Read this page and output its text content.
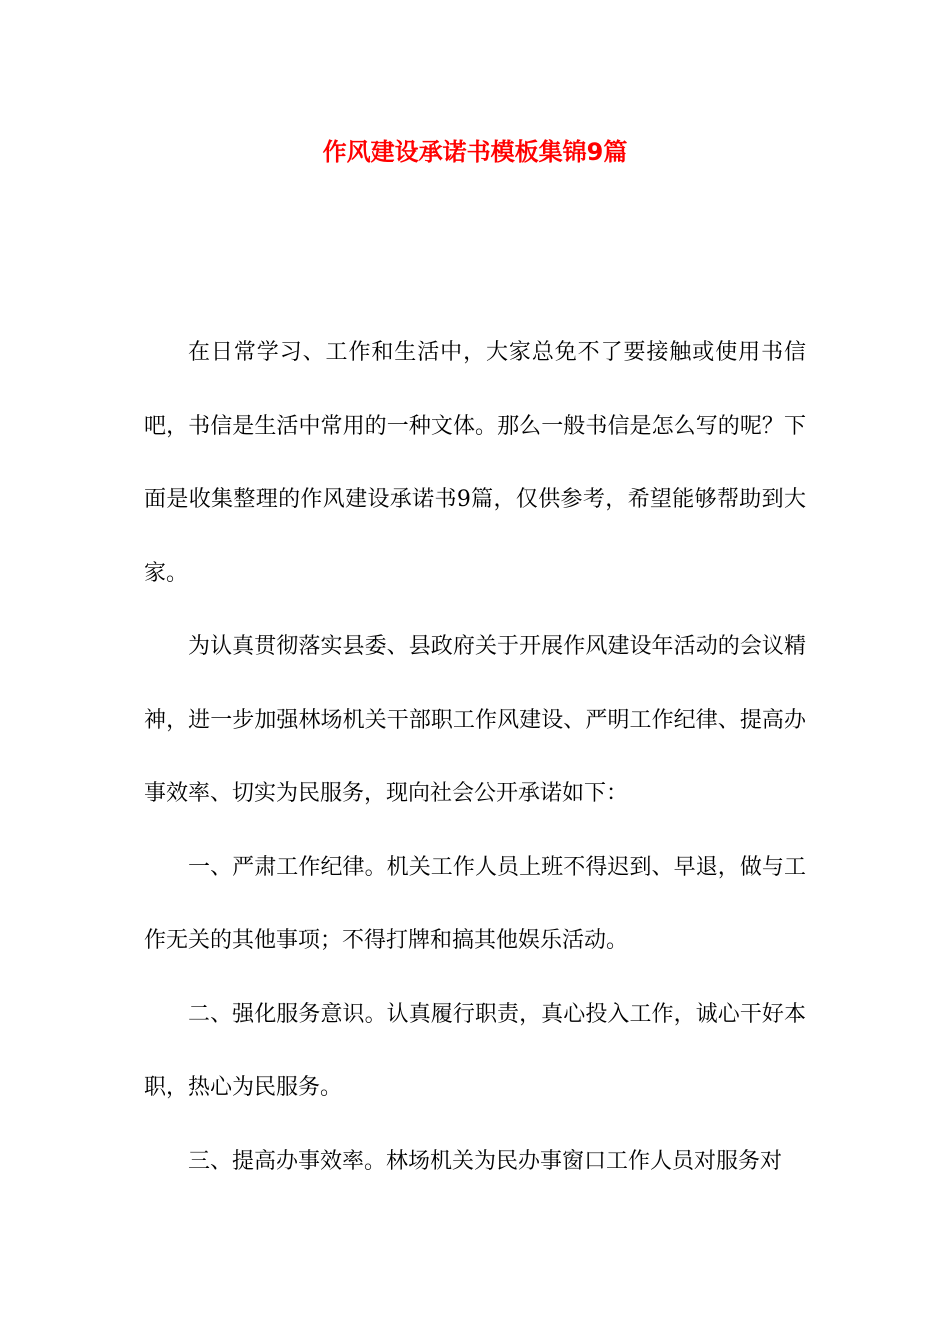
作风建设承诺书模板集锦9篇

在日常学习、工作和生活中，大家总免不了要接触或使用书信吧，书信是生活中常用的一种文体。那么一般书信是怎么写的呢？下面是收集整理的作风建设承诺书9篇，仅供参考，希望能够帮助到大家。

为认真贯彻落实县委、县政府关于开展作风建设年活动的会议精神，进一步加强林场机关干部职工作风建设、严明工作纪律、提高办事效率、切实为民服务，现向社会公开承诺如下：

一、严肃工作纪律。机关工作人员上班不得迟到、早退，做与工作无关的其他事项；不得打牌和搞其他娱乐活动。

二、强化服务意识。认真履行职责，真心投入工作，诚心干好本职，热心为民服务。

三、提高办事效率。林场机关为民办事窗口工作人员对服务对
